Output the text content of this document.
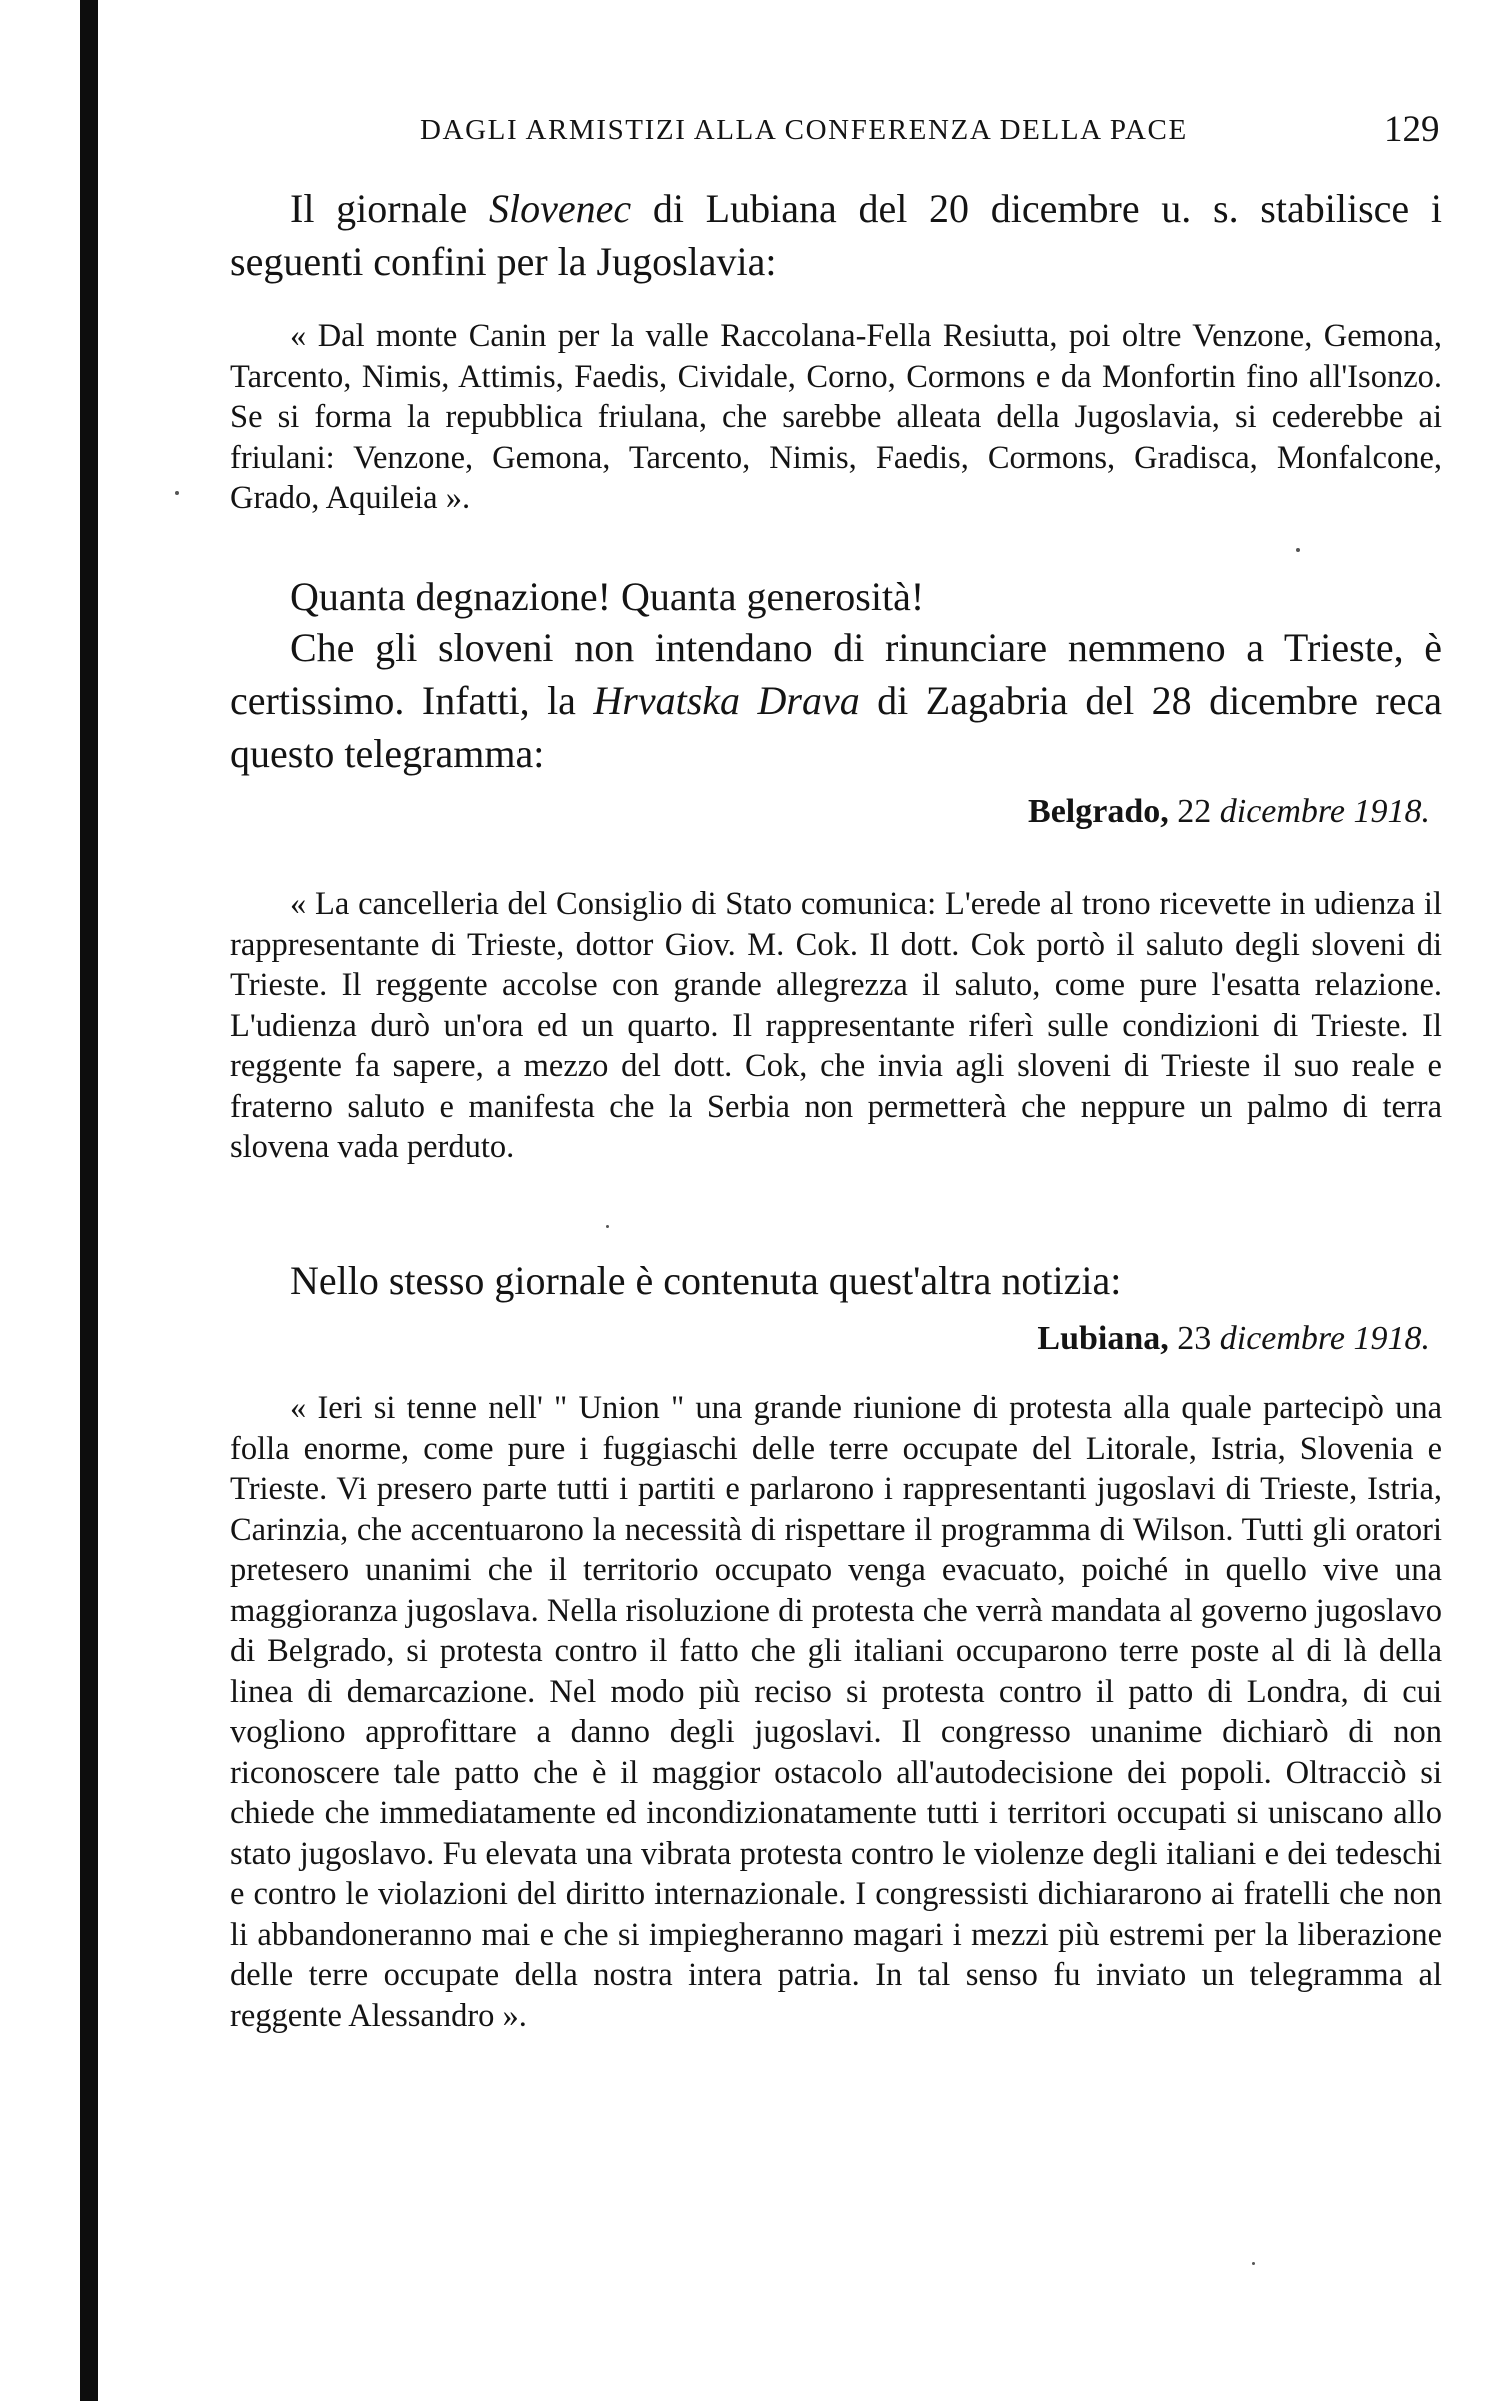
DAGLI ARMISTIZI ALLA CONFERENZA DELLA PACE	129

Il giornale Slovenec di Lubiana del 20 dicembre u. s. stabilisce i seguenti confini per la Jugoslavia:

« Dal monte Canin per la valle Raccolana-Fella Resiutta, poi oltre Venzone, Gemona, Tarcento, Nimis, Attimis, Faedis, Cividale, Corno, Cormons e da Monfortin fino all'Isonzo. Se si forma la repubblica friulana, che sarebbe alleata della Jugoslavia, si cederebbe ai friulani: Venzone, Gemona, Tarcento, Nimis, Faedis, Cormons, Gradisca, Monfalcone, Grado, Aquileia ».

Quanta degnazione! Quanta generosità!

Che gli sloveni non intendano di rinunciare nemmeno a Trieste, è certissimo. Infatti, la Hrvatska Drava di Zagabria del 28 dicembre reca questo telegramma:

Belgrado, 22 dicembre 1918.

« La cancelleria del Consiglio di Stato comunica: L'erede al trono ricevette in udienza il rappresentante di Trieste, dottor Giov. M. Cok. Il dott. Cok portò il saluto degli sloveni di Trieste. Il reggente accolse con grande allegrezza il saluto, come pure l'esatta relazione. L'udienza durò un'ora ed un quarto. Il rappresentante riferì sulle condizioni di Trieste. Il reggente fa sapere, a mezzo del dott. Cok, che invia agli sloveni di Trieste il suo reale e fraterno saluto e manifesta che la Serbia non permetterà che neppure un palmo di terra slovena vada perduto.

Nello stesso giornale è contenuta quest'altra notizia:

Lubiana, 23 dicembre 1918.

« Ieri si tenne nell' " Union " una grande riunione di protesta alla quale partecipò una folla enorme, come pure i fuggiaschi delle terre occupate del Litorale, Istria, Slovenia e Trieste. Vi presero parte tutti i partiti e parlarono i rappresentanti jugoslavi di Trieste, Istria, Carinzia, che accentuarono la necessità di rispettare il programma di Wilson. Tutti gli oratori pretesero unanimi che il territorio occupato venga evacuato, poiché in quello vive una maggioranza jugoslava. Nella risoluzione di protesta che verrà mandata al governo jugoslavo di Belgrado, si protesta contro il fatto che gli italiani occuparono terre poste al di là della linea di demarcazione. Nel modo più reciso si protesta contro il patto di Londra, di cui vogliono approfittare a danno degli jugoslavi. Il congresso unanime dichiarò di non riconoscere tale patto che è il maggior ostacolo all'autodecisione dei popoli. Oltracciò si chiede che immediatamente ed incondizionatamente tutti i territori occupati si uniscano allo stato jugoslavo. Fu elevata una vibrata protesta contro le violenze degli italiani e dei tedeschi e contro le violazioni del diritto internazionale. I congressisti dichiararono ai fratelli che non li abbandoneranno mai e che si impiegheranno magari i mezzi più estremi per la liberazione delle terre occupate della nostra intera patria. In tal senso fu inviato un telegramma al reggente Alessandro ».
